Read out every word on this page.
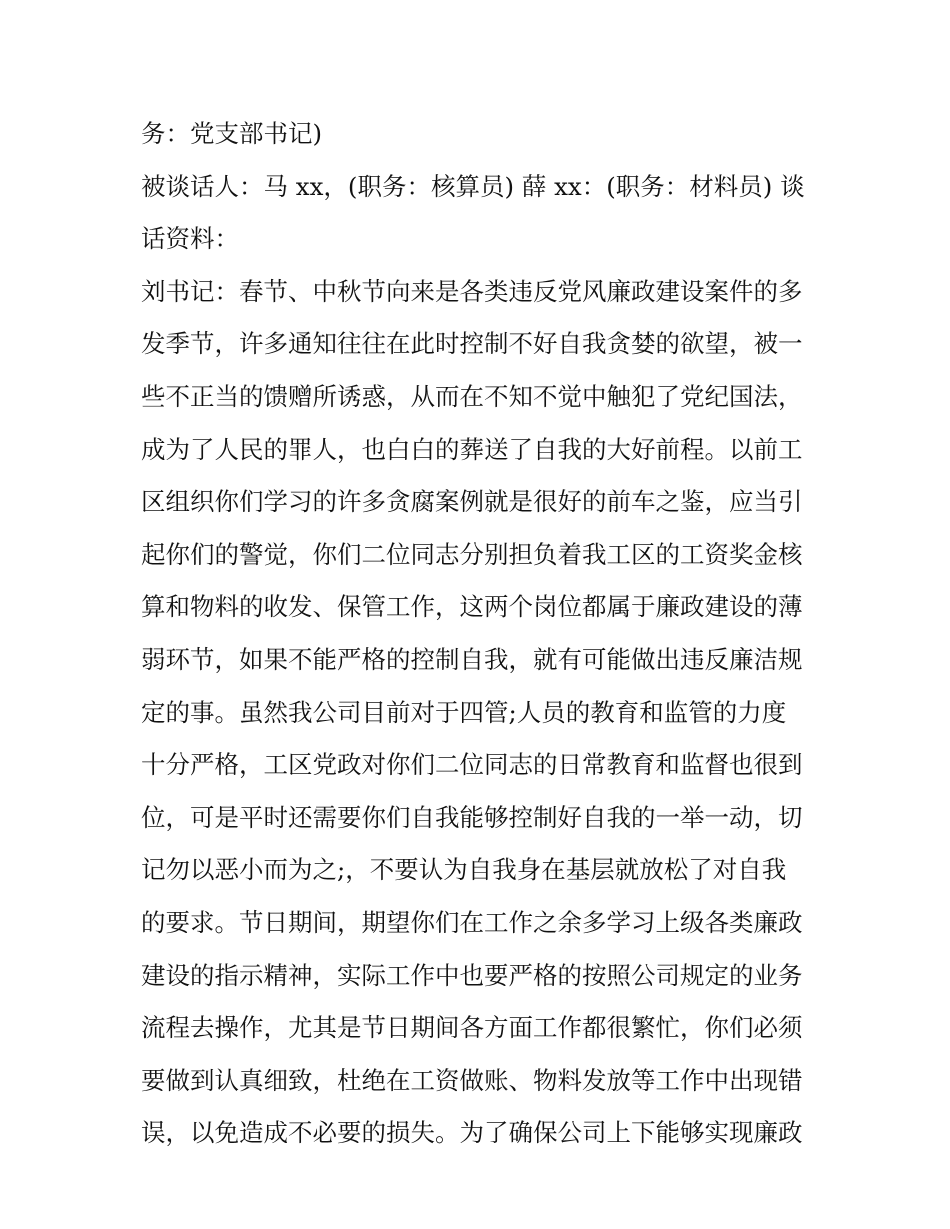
务：党支部书记)
被谈话人：马 xx，(职务：核算员) 薛 xx：(职务：材料员) 谈
话资料：
刘书记：春节、中秋节向来是各类违反党风廉政建设案件的多
发季节，许多通知往往在此时控制不好自我贪婪的欲望，被一
些不正当的馈赠所诱惑，从而在不知不觉中触犯了党纪国法，
成为了人民的罪人，也白白的葬送了自我的大好前程。以前工
区组织你们学习的许多贪腐案例就是很好的前车之鉴，应当引
起你们的警觉，你们二位同志分别担负着我工区的工资奖金核
算和物料的收发、保管工作，这两个岗位都属于廉政建设的薄
弱环节，如果不能严格的控制自我，就有可能做出违反廉洁规
定的事。虽然我公司目前对于四管;人员的教育和监管的力度
十分严格，工区党政对你们二位同志的日常教育和监督也很到
位，可是平时还需要你们自我能够控制好自我的一举一动，切
记勿以恶小而为之;，不要认为自我身在基层就放松了对自我
的要求。节日期间，期望你们在工作之余多学习上级各类廉政
建设的指示精神，实际工作中也要严格的按照公司规定的业务
流程去操作，尤其是节日期间各方面工作都很繁忙，你们必须
要做到认真细致，杜绝在工资做账、物料发放等工作中出现错
误，以免造成不必要的损失。为了确保公司上下能够实现廉政
